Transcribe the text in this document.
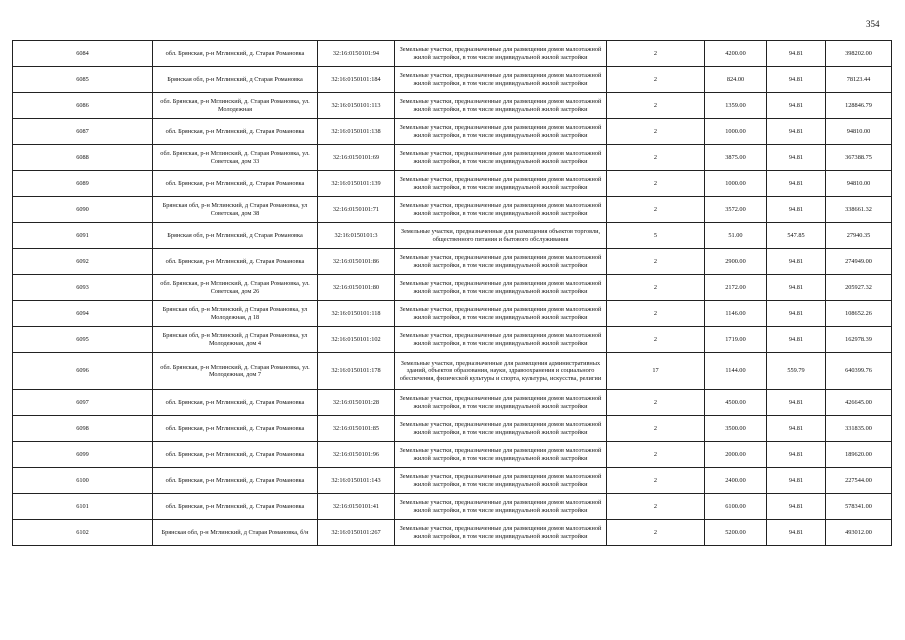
354
6084	обл. Брянская, р-н Мглинский, д. Старая Романовка	32:16:0150101:94	Земельные участки, предназначенные для размещения домов малоэтажной жилой застройки, в том числе индивидуальной жилой застройки	2	4200.00	94.81	398202.00
6085	Брянская обл, р-н Мглинский, д Старая Романовка	32:16:0150101:184	Земельные участки, предназначенные для размещения домов малоэтажной жилой застройки, в том числе индивидуальной жилой застройки	2	824.00	94.81	78123.44
6086	обл. Брянская, р-н Мглинский, д. Старая Романовка, ул. Молодежная	32:16:0150101:113	Земельные участки, предназначенные для размещения домов малоэтажной жилой застройки, в том числе индивидуальной жилой застройки	2	1359.00	94.81	128846.79
6087	обл. Брянская, р-н Мглинский, д. Старая Романовка	32:16:0150101:138	Земельные участки, предназначенные для размещения домов малоэтажной жилой застройки, в том числе индивидуальной жилой застройки	2	1000.00	94.81	94810.00
6088	обл. Брянская, р-н Мглинский, д. Старая Романовка, ул. Советская, дом 33	32:16:0150101:69	Земельные участки, предназначенные для размещения домов малоэтажной жилой застройки, в том числе индивидуальной жилой застройки	2	3875.00	94.81	367388.75
6089	обл. Брянская, р-н Мглинский, д. Старая Романовка	32:16:0150101:139	Земельные участки, предназначенные для размещения домов малоэтажной жилой застройки, в том числе индивидуальной жилой застройки	2	1000.00	94.81	94810.00
6090	Брянская обл, р-н Мглинский, д Старая Романовка, ул Советская, дом 38	32:16:0150101:71	Земельные участки, предназначенные для размещения домов малоэтажной жилой застройки, в том числе индивидуальной жилой застройки	2	3572.00	94.81	338661.32
6091	Брянская обл, р-н Мглинский, д Старая Романовка	32:16:0150101:3	Земельные участки, предназначенные для размещения объектов торговли, общественного питания и бытового обслуживания	5	51.00	547.85	27940.35
6092	обл. Брянская, р-н Мглинский, д. Старая Романовка	32:16:0150101:86	Земельные участки, предназначенные для размещения домов малоэтажной жилой застройки, в том числе индивидуальной жилой застройки	2	2900.00	94.81	274949.00
6093	обл. Брянская, р-н Мглинский, д. Старая Романовка, ул. Советская, дом 26	32:16:0150101:80	Земельные участки, предназначенные для размещения домов малоэтажной жилой застройки, в том числе индивидуальной жилой застройки	2	2172.00	94.81	205927.32
6094	Брянская обл, р-н Мглинский, д Старая Романовка, ул Молодежная, д 18	32:16:0150101:118	Земельные участки, предназначенные для размещения домов малоэтажной жилой застройки, в том числе индивидуальной жилой застройки	2	1146.00	94.81	108652.26
6095	Брянская обл, р-н Мглинский, д Старая Романовка, ул Молодежная, дом 4	32:16:0150101:102	Земельные участки, предназначенные для размещения домов малоэтажной жилой застройки, в том числе индивидуальной жилой застройки	2	1719.00	94.81	162978.39
6096	обл. Брянская, р-н Мглинский, д. Старая Романовка, ул. Молодежная, дом 7	32:16:0150101:178	Земельные участки, предназначенные для размещения административных зданий, объектов образования, науки, здравоохранения и социального обеспечения, физической культуры и спорта, культуры, искусства, религии	17	1144.00	559.79	640399.76
6097	обл. Брянская, р-н Мглинский, д. Старая Романовка	32:16:0150101:28	Земельные участки, предназначенные для размещения домов малоэтажной жилой застройки, в том числе индивидуальной жилой застройки	2	4500.00	94.81	426645.00
6098	обл. Брянская, р-н Мглинский, д. Старая Романовка	32:16:0150101:85	Земельные участки, предназначенные для размещения домов малоэтажной жилой застройки, в том числе индивидуальной жилой застройки	2	3500.00	94.81	331835.00
6099	обл. Брянская, р-н Мглинский, д. Старая Романовка	32:16:0150101:96	Земельные участки, предназначенные для размещения домов малоэтажной жилой застройки, в том числе индивидуальной жилой застройки	2	2000.00	94.81	189620.00
6100	обл. Брянская, р-н Мглинский, д. Старая Романовка	32:16:0150101:143	Земельные участки, предназначенные для размещения домов малоэтажной жилой застройки, в том числе индивидуальной жилой застройки	2	2400.00	94.81	227544.00
6101	обл. Брянская, р-н Мглинский, д. Старая Романовка	32:16:0150101:41	Земельные участки, предназначенные для размещения домов малоэтажной жилой застройки, в том числе индивидуальной жилой застройки	2	6100.00	94.81	578341.00
6102	Брянская обл, р-н Мглинский, д Старая Романовка, б/н	32:16:0150101:267	Земельные участки, предназначенные для размещения домов малоэтажной жилой застройки, в том числе индивидуальной жилой застройки	2	5200.00	94.81	493012.00
